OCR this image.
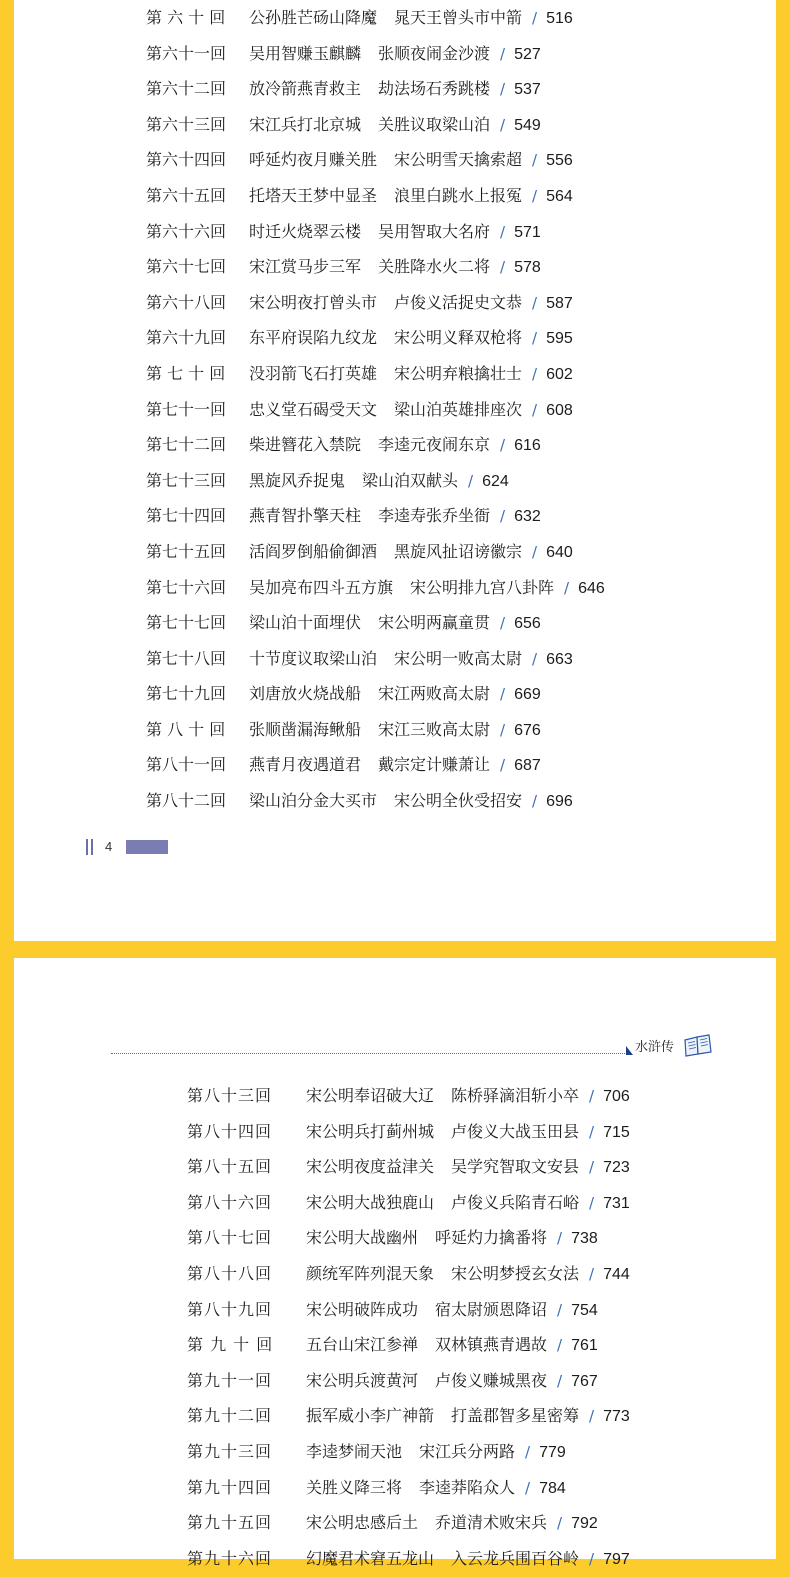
第 六 十 回 公孙胜芒砀山降魔 晁天王曾头市中箭 / 516
第六十一回 吴用智赚玉麒麟 张顺夜闹金沙渡 / 527
第六十二回 放冷箭燕青救主 劫法场石秀跳楼 / 537
第六十三回 宋江兵打北京城 关胜议取梁山泊 / 549
第六十四回 呼延灼夜月赚关胜 宋公明雪天擒索超 / 556
第六十五回 托塔天王梦中显圣 浪里白跳水上报冤 / 564
第六十六回 时迁火烧翠云楼 吴用智取大名府 / 571
第六十七回 宋江赏马步三军 关胜降水火二将 / 578
第六十八回 宋公明夜打曾头市 卢俊义活捉史文恭 / 587
第六十九回 东平府误陷九纹龙 宋公明义释双枪将 / 595
第 七 十 回 没羽箭飞石打英雄 宋公明弃粮擒壮士 / 602
第七十一回 忠义堂石碣受天文 梁山泊英雄排座次 / 608
第七十二回 柴进簪花入禁院 李逵元夜闹东京 / 616
第七十三回 黑旋风乔捉鬼 梁山泊双献头 / 624
第七十四回 燕青智扑擎天柱 李逵寿张乔坐衙 / 632
第七十五回 活阎罗倒船偷御酒 黑旋风扯诏谤徽宗 / 640
第七十六回 吴加亮布四斗五方旗 宋公明排九宫八卦阵 / 646
第七十七回 梁山泊十面埋伏 宋公明两赢童贯 / 656
第七十八回 十节度议取梁山泊 宋公明一败高太尉 / 663
第七十九回 刘唐放火烧战船 宋江两败高太尉 / 669
第 八 十 回 张顺凿漏海鳅船 宋江三败高太尉 / 676
第八十一回 燕青月夜遇道君 戴宗定计赚萧让 / 687
第八十二回 梁山泊分金大买市 宋公明全伙受招安 / 696
4
水浒传
第八十三回 宋公明奉诏破大辽 陈桥驿滴泪斩小卒 / 706
第八十四回 宋公明兵打蓟州城 卢俊义大战玉田县 / 715
第八十五回 宋公明夜度益津关 吴学究智取文安县 / 723
第八十六回 宋公明大战独鹿山 卢俊义兵陷青石峪 / 731
第八十七回 宋公明大战幽州 呼延灼力擒番将 / 738
第八十八回 颜统军阵列混天象 宋公明梦授玄女法 / 744
第八十九回 宋公明破阵成功 宿太尉颁恩降诏 / 754
第 九 十 回 五台山宋江参禅 双林镇燕青遇故 / 761
第九十一回 宋公明兵渡黄河 卢俊义赚城黑夜 / 767
第九十二回 振军威小李广神箭 打盖郡智多星密筹 / 773
第九十三回 李逵梦闹天池 宋江兵分两路 / 779
第九十四回 关胜义降三将 李逵莽陷众人 / 784
第九十五回 宋公明忠感后土 乔道清术败宋兵 / 792
第九十六回 幻魔君术窘五龙山 入云龙兵围百谷岭 / 797
